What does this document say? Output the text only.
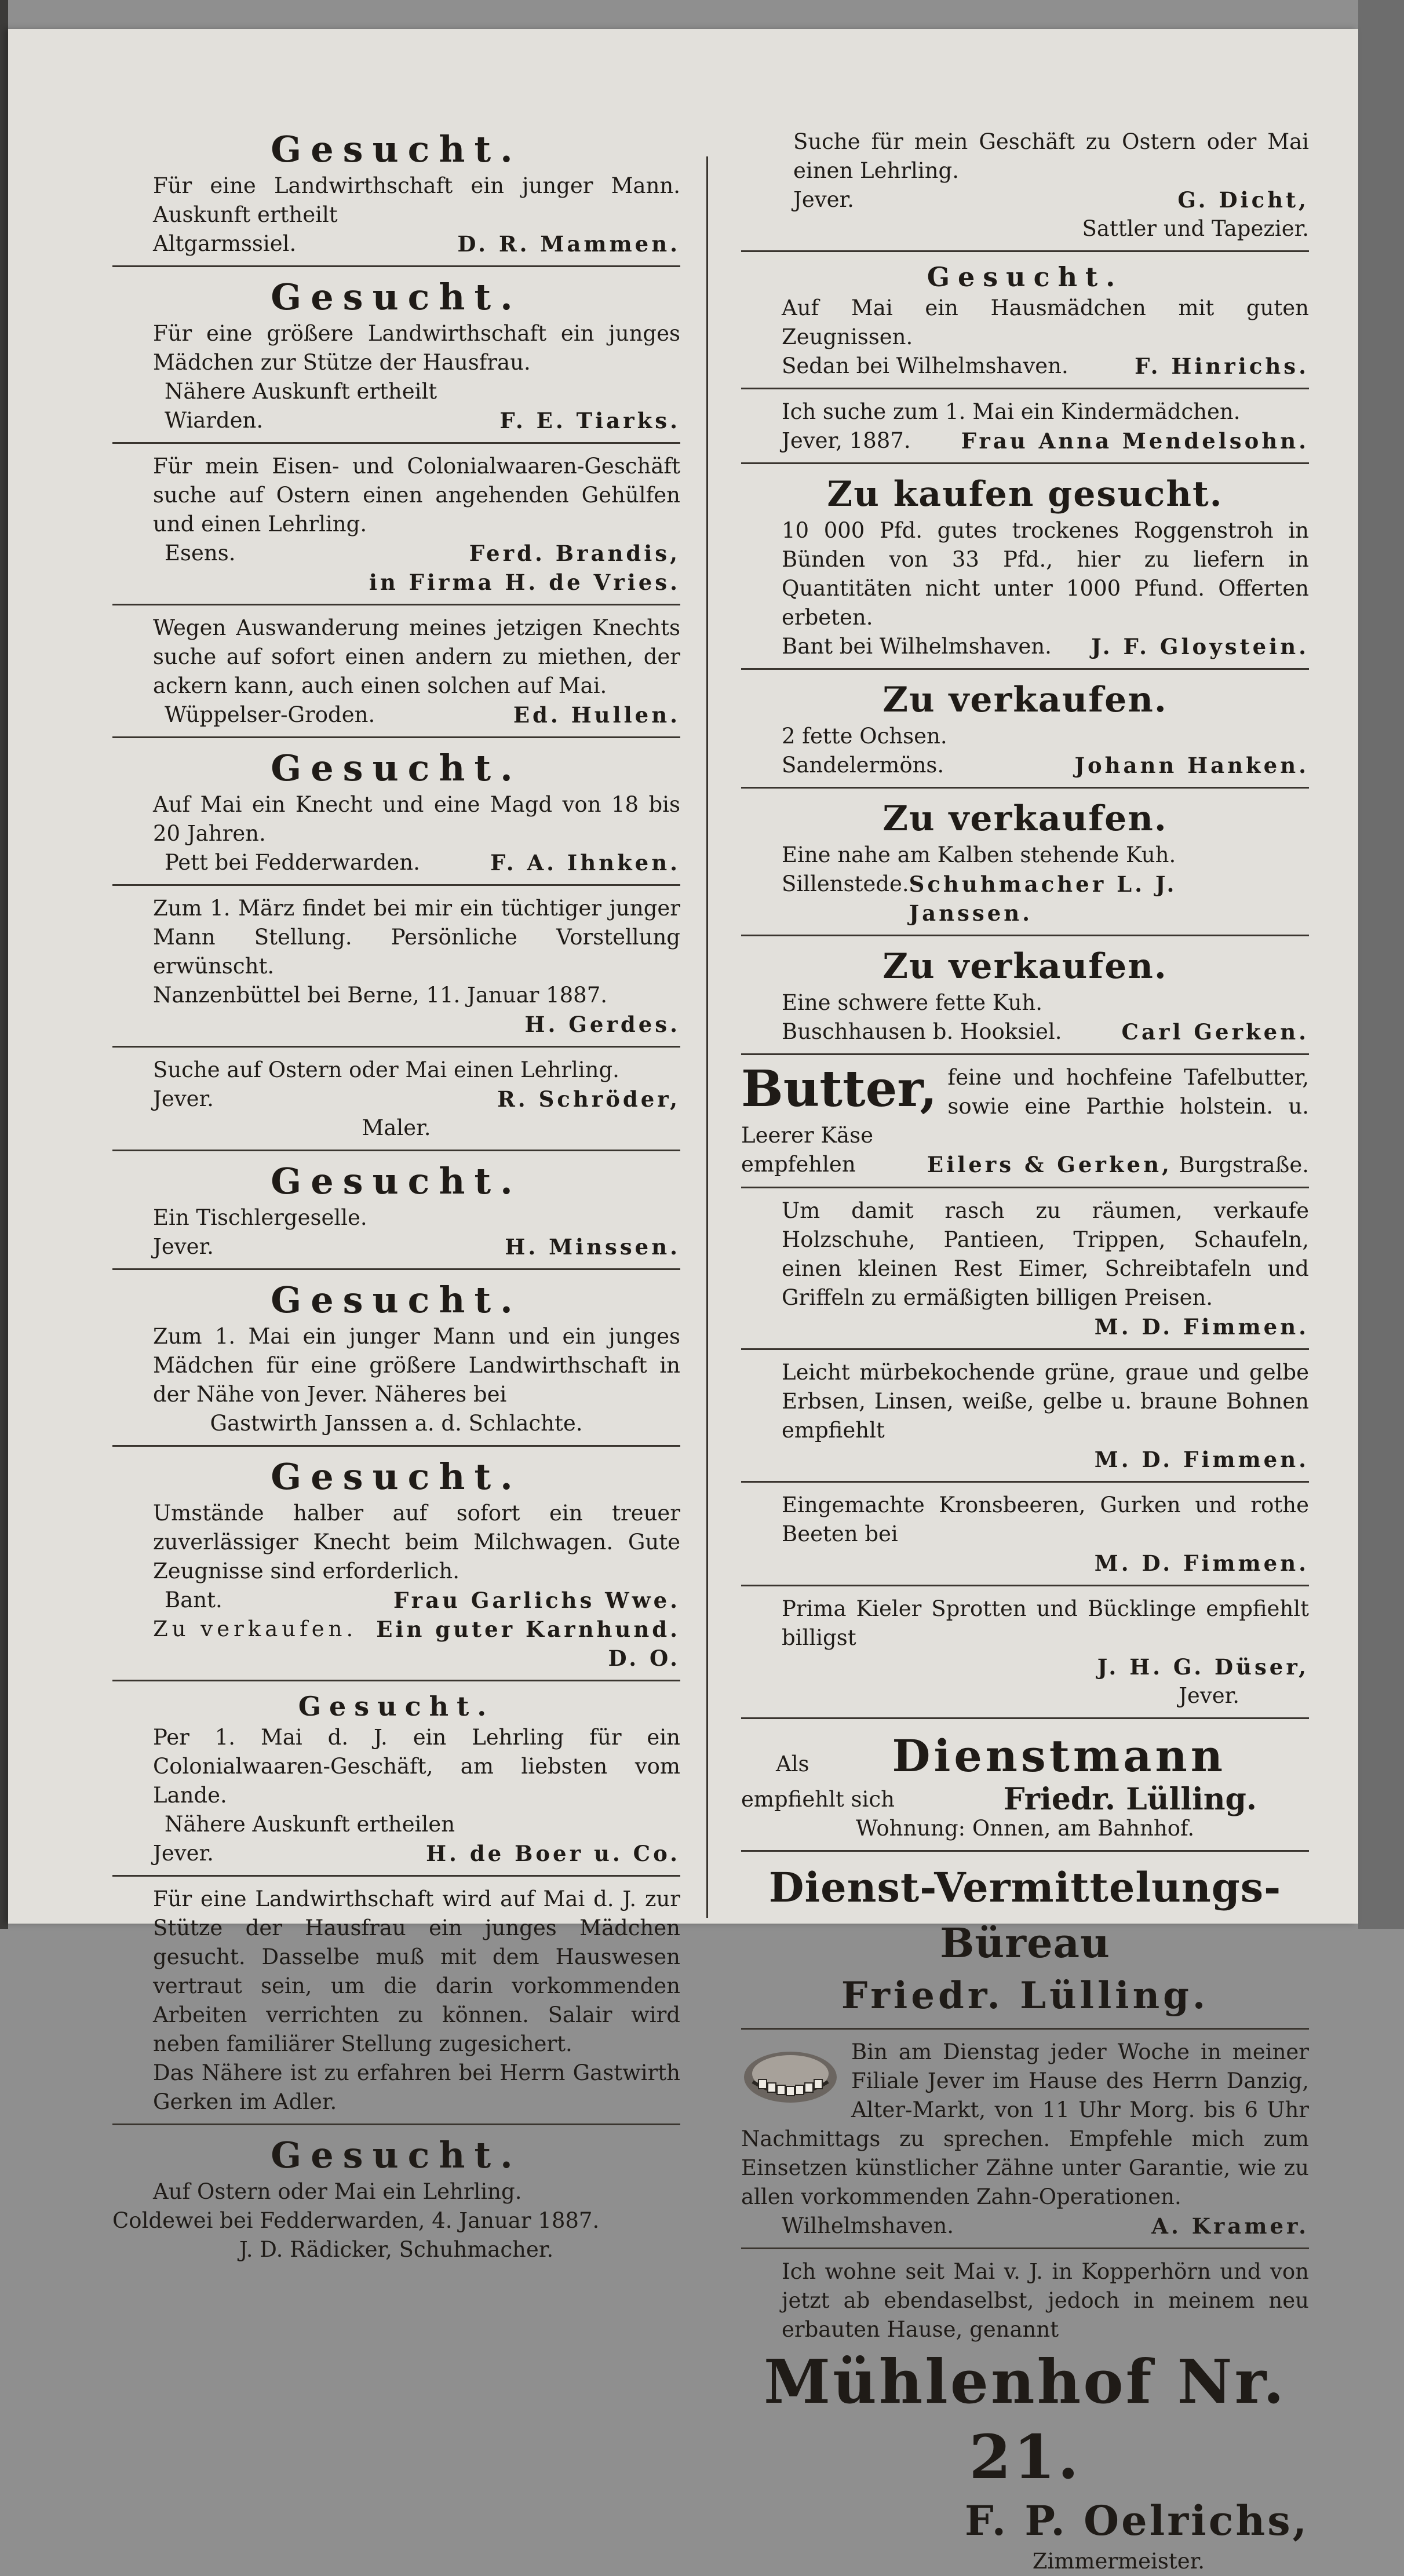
Gesucht.

Für eine Landwirthschaft ein junger Mann. Auskunft ertheilt

Altgarmssiel.	D. R. Mammen.
Gesucht.

Für eine größere Landwirthschaft ein junges Mädchen zur Stütze der Hausfrau.

Nähere Auskunft ertheilt

Wiarden.	F. E. Tiarks.

Für mein Eisen- und Colonialwaaren-Geschäft suche auf Ostern einen angehenden Gehülfen und einen Lehrling.

Esens.	Ferd. Brandis,
in Firma H. de Vries.

Wegen Auswanderung meines jetzigen Knechts suche auf sofort einen andern zu miethen, der ackern kann, auch einen solchen auf Mai.

Wüppelser-Groden.	Ed. Hullen.
Gesucht.

Auf Mai ein Knecht und eine Magd von 18 bis 20 Jahren.

Pett bei Fedderwarden.	F. A. Ihnken.

Zum 1. März findet bei mir ein tüchtiger junger Mann Stellung. Persönliche Vorstellung erwünscht.

Nanzenbüttel bei Berne, 11. Januar 1887.

H. Gerdes.

Suche auf Ostern oder Mai einen Lehrling.

Jever.	R. Schröder,
Maler.
Gesucht.

Ein Tischlergeselle.

Jever.	H. Minssen.
Gesucht.

Zum 1. Mai ein junger Mann und ein junges Mädchen für eine größere Landwirthschaft in der Nähe von Jever. Näheres bei

Gastwirth Janssen a. d. Schlachte.
Gesucht.

Umstände halber auf sofort ein treuer zuverlässiger Knecht beim Milchwagen. Gute Zeugnisse sind erforderlich.

Bant.	Frau Garlichs Wwe.
Zu verkaufen. Ein guter Karnhund.
D. O.
Gesucht.

Per 1. Mai d. J. ein Lehrling für ein Colonialwaaren-Geschäft, am liebsten vom Lande.

Nähere Auskunft ertheilen

Jever.	H. de Boer u. Co.

Für eine Landwirthschaft wird auf Mai d. J. zur Stütze der Hausfrau ein junges Mädchen gesucht. Dasselbe muß mit dem Hauswesen vertraut sein, um die darin vorkommenden Arbeiten verrichten zu können. Salair wird neben familiärer Stellung zugesichert.

Das Nähere ist zu erfahren bei Herrn Gastwirth Gerken im Adler.

Gesucht.

Auf Ostern oder Mai ein Lehrling.

Coldewei bei Fedderwarden, 4. Januar 1887.

J. D. Rädicker, Schuhmacher.

Suche für mein Geschäft zu Ostern oder Mai einen Lehrling.

Jever.	G. Dicht,
Sattler und Tapezier.
Gesucht.

Auf Mai ein Hausmädchen mit guten Zeugnissen.

Sedan bei Wilhelmshaven.	F. Hinrichs.

Ich suche zum 1. Mai ein Kindermädchen.

Jever, 1887. Frau Anna Mendelsohn.
Zu kaufen gesucht.

10 000 Pfd. gutes trockenes Roggenstroh in Bünden von 33 Pfd., hier zu liefern in Quantitäten nicht unter 1000 Pfund. Offerten erbeten.

Bant bei Wilhelmshaven. J. F. Gloystein.
Zu verkaufen.

2 fette Ochsen.

Sandelermöns.	Johann Hanken.
Zu verkaufen.

Eine nahe am Kalben stehende Kuh.

Sillenstede. Schuhmacher L. J. Janssen.
Zu verkaufen.

Eine schwere fette Kuh.

Buschhausen b. Hooksiel.	Carl Gerken.
Butter, feine und hochfeine Tafelbutter, sowie eine Parthie holstein. u. Leerer Käse

empfehlen	Eilers & Gerken, Burgstraße.

Um damit rasch zu räumen, verkaufe Holzschuhe, Pantieen, Trippen, Schaufeln, einen kleinen Rest Eimer, Schreibtafeln und Griffeln zu ermäßigten billigen Preisen.

M. D. Fimmen.

Leicht mürbekochende grüne, graue und gelbe Erbsen, Linsen, weiße, gelbe u. braune Bohnen empfiehlt

M. D. Fimmen.

Eingemachte Kronsbeeren, Gurken und rothe Beeten bei

M. D. Fimmen.

Prima Kieler Sprotten und Bücklinge empfiehlt billigst

J. H. G. Düser,
Jever.
Als	Dienstmann
empfiehlt sich	Friedr. Lülling.
Wohnung: Onnen, am Bahnhof.
Dienst-Vermittelungs-Büreau
Friedr. Lülling.

Bin am Dienstag jeder Woche in meiner Filiale Jever im Hause des Herrn Danzig, Alter-Markt, von 11 Uhr Morg. bis 6 Uhr Nachmittags zu sprechen. Empfehle mich zum Einsetzen künstlicher Zähne unter Garantie, wie zu allen vorkommenden Zahn-Operationen.

Wilhelmshaven.	A. Kramer.

Ich wohne seit Mai v. J. in Kopperhörn und von jetzt ab ebendaselbst, jedoch in meinem neu erbauten Hause, genannt

Mühlenhof Nr. 21.
F. P. Oelrichs,
Zimmermeister.
